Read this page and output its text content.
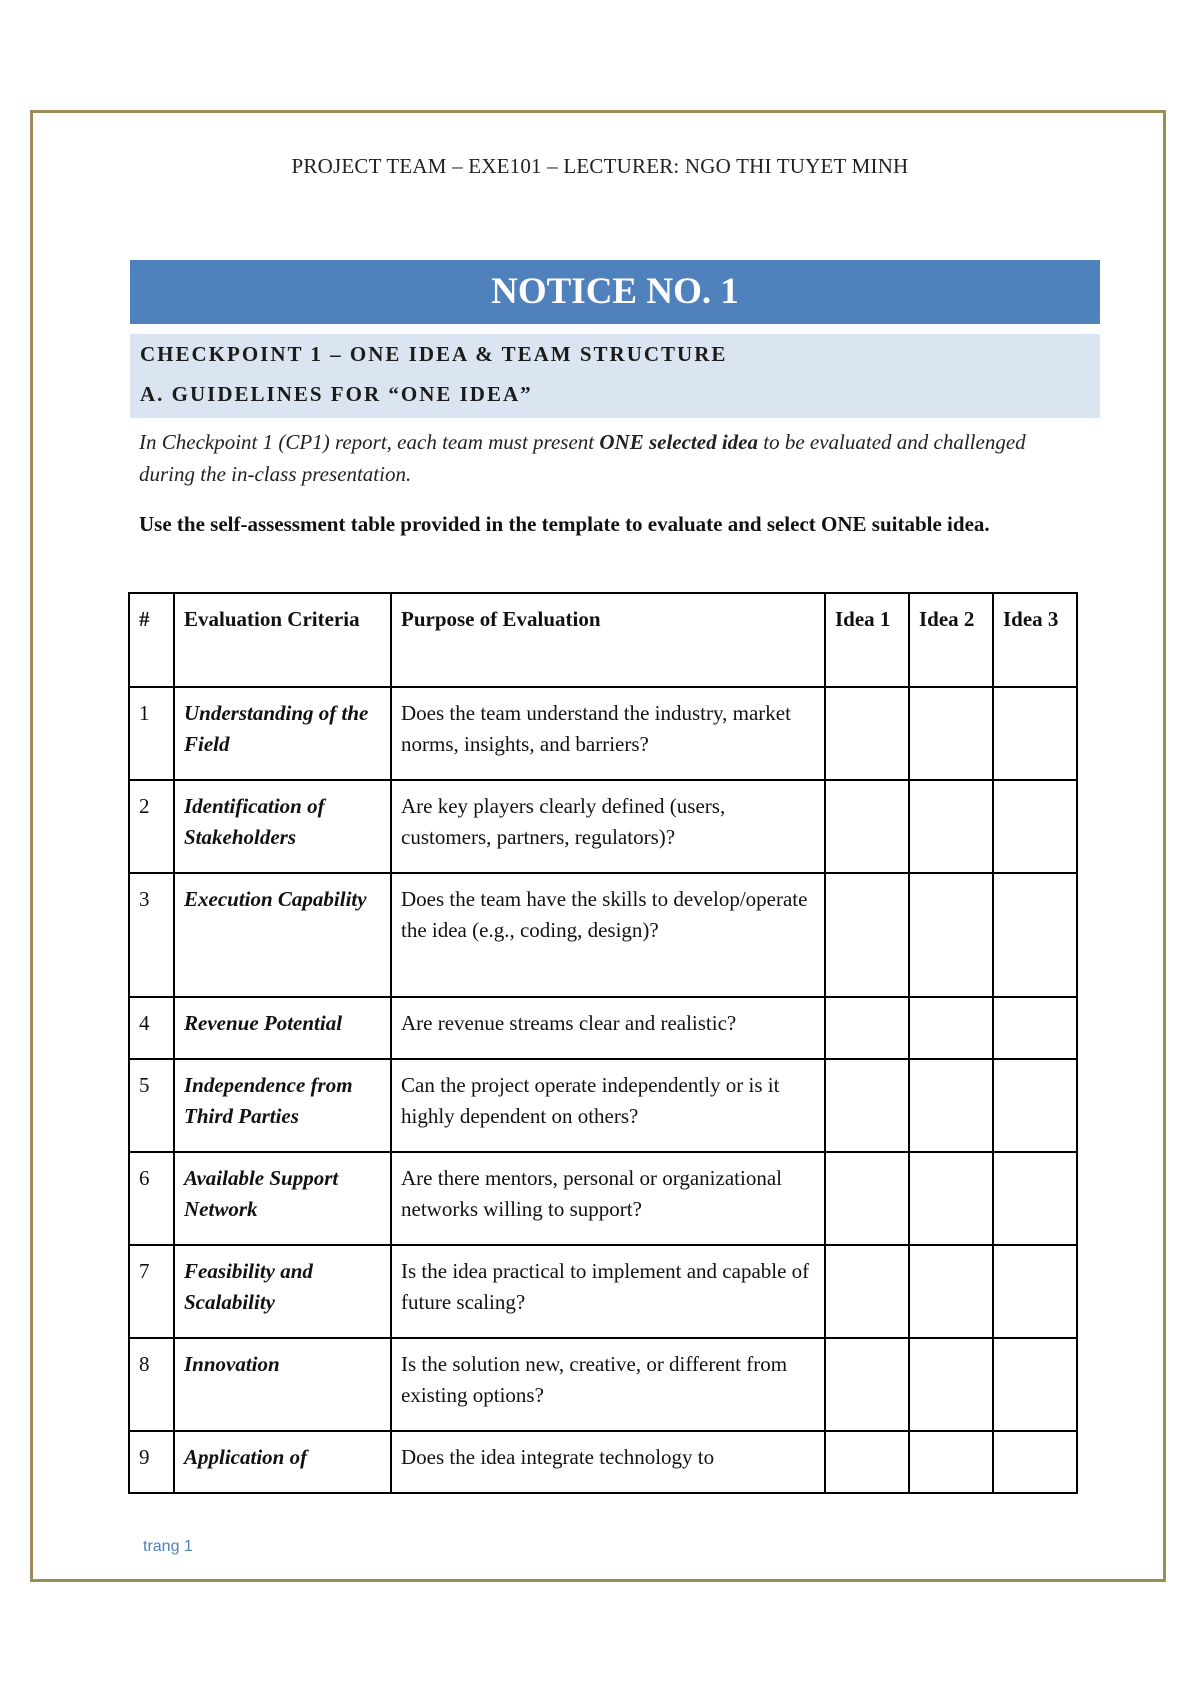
PROJECT TEAM – EXE101 – LECTURER: NGO THI TUYET MINH
NOTICE NO. 1
CHECKPOINT 1 – ONE IDEA & TEAM STRUCTURE
A. GUIDELINES FOR “ONE IDEA”
In Checkpoint 1 (CP1) report, each team must present ONE selected idea to be evaluated and challenged during the in-class presentation.
Use the self-assessment table provided in the template to evaluate and select ONE suitable idea.
#	Evaluation Criteria	Purpose of Evaluation	Idea 1	Idea 2	Idea 3
1	Understanding of the Field	Does the team understand the industry, market norms, insights, and barriers?			
2	Identification of Stakeholders	Are key players clearly defined (users, customers, partners, regulators)?			
3	Execution Capability	Does the team have the skills to develop/operate the idea (e.g., coding, design)?			
4	Revenue Potential	Are revenue streams clear and realistic?			
5	Independence from Third Parties	Can the project operate independently or is it highly dependent on others?			
6	Available Support Network	Are there mentors, personal or organizational networks willing to support?			
7	Feasibility and Scalability	Is the idea practical to implement and capable of future scaling?			
8	Innovation	Is the solution new, creative, or different from existing options?			
9	Application of	Does the idea integrate technology to			
trang 1
